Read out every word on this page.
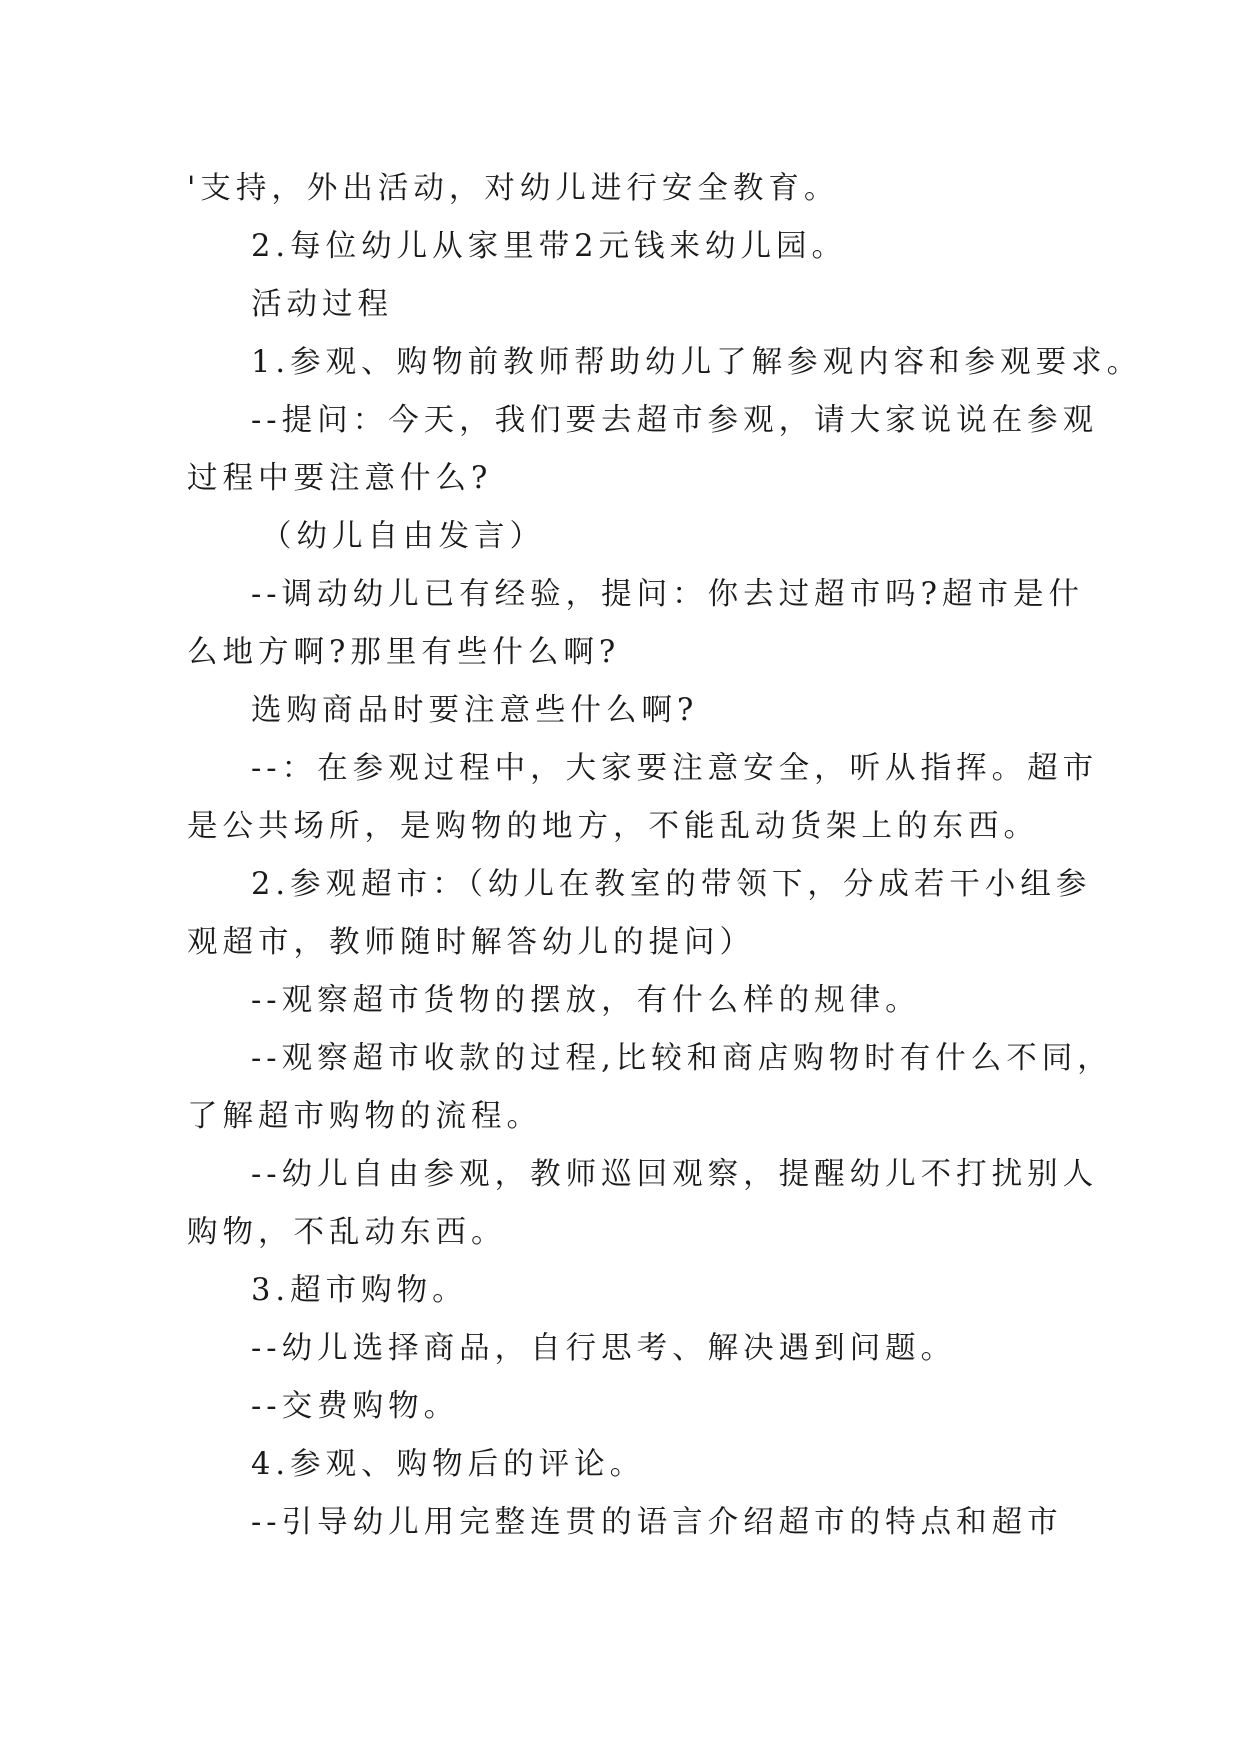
'支持，外出活动，对幼儿进行安全教育。
2.每位幼儿从家里带2元钱来幼儿园。
活动过程
1.参观、购物前教师帮助幼儿了解参观内容和参观要求。
--提问：今天，我们要去超市参观，请大家说说在参观
过程中要注意什么?
（幼儿自由发言）
--调动幼儿已有经验，提问：你去过超市吗?超市是什
么地方啊?那里有些什么啊?
选购商品时要注意些什么啊?
--：在参观过程中，大家要注意安全，听从指挥。超市
是公共场所，是购物的地方，不能乱动货架上的东西。
2.参观超市：（幼儿在教室的带领下，分成若干小组参
观超市，教师随时解答幼儿的提问）
--观察超市货物的摆放，有什么样的规律。
--观察超市收款的过程,比较和商店购物时有什么不同，
了解超市购物的流程。
--幼儿自由参观，教师巡回观察，提醒幼儿不打扰别人
购物，不乱动东西。
3.超市购物。
--幼儿选择商品，自行思考、解决遇到问题。
--交费购物。
4.参观、购物后的评论。
--引导幼儿用完整连贯的语言介绍超市的特点和超市
